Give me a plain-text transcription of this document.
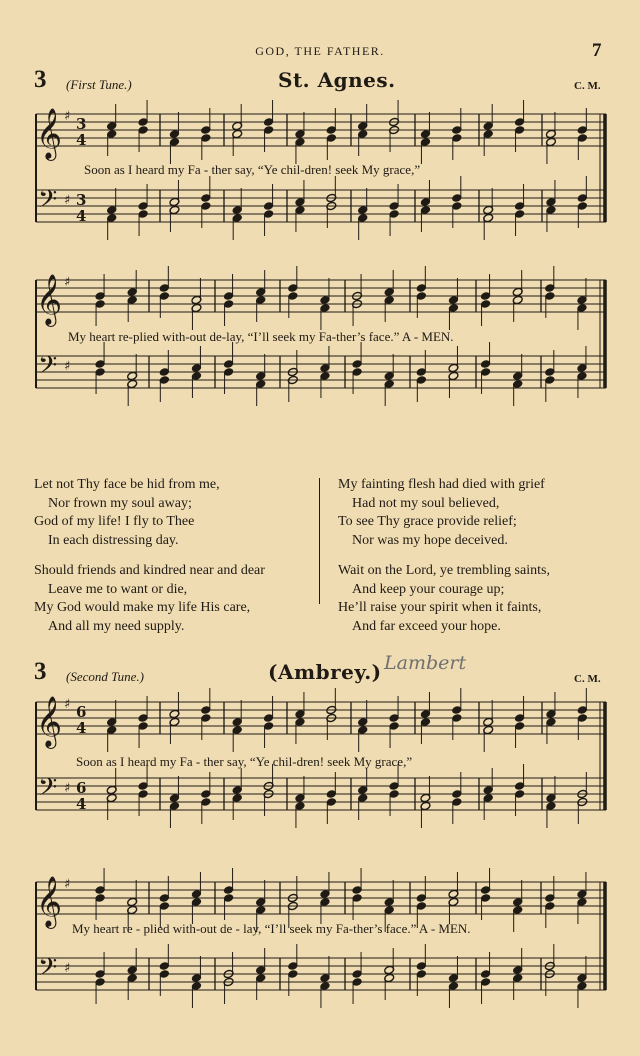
GOD, THE FATHER.	7
3 (First Tune.)	St. Agnes.	C. M.
𝄞 ♯ 3
4
𝄢 ♯ 3
4
Soon as I heard my Fa - ther say, “Ye chil-dren! seek My grace,”
𝄞 ♯
𝄢 ♯
My heart re-plied with-out de-lay, “I’ll seek my Fa-ther’s face.” A - MEN.
Let not Thy face be hid from me,
Nor frown my soul away;
God of my life! I fly to Thee
In each distressing day.
Should friends and kindred near and dear
Leave me to want or die,
My God would make my life His care,
And all my need supply.
My fainting flesh had died with grief
Had not my soul believed,
To see Thy grace provide relief;
Nor was my hope deceived.
Wait on the Lord, ye trembling saints,
And keep your courage up;
He’ll raise your spirit when it faints,
And far exceed your hope.
3 (Second Tune.)	(Ambrey.) Lambert
C. M.
𝄞 ♯ 6
4
𝄢 ♯ 6
4
Soon as I heard my Fa - ther say, “Ye chil-dren! seek My grace,”
𝄞 ♯
𝄢 ♯
My heart re - plied with-out de - lay, “I’ll seek my Fa-ther’s face.” A - MEN.
